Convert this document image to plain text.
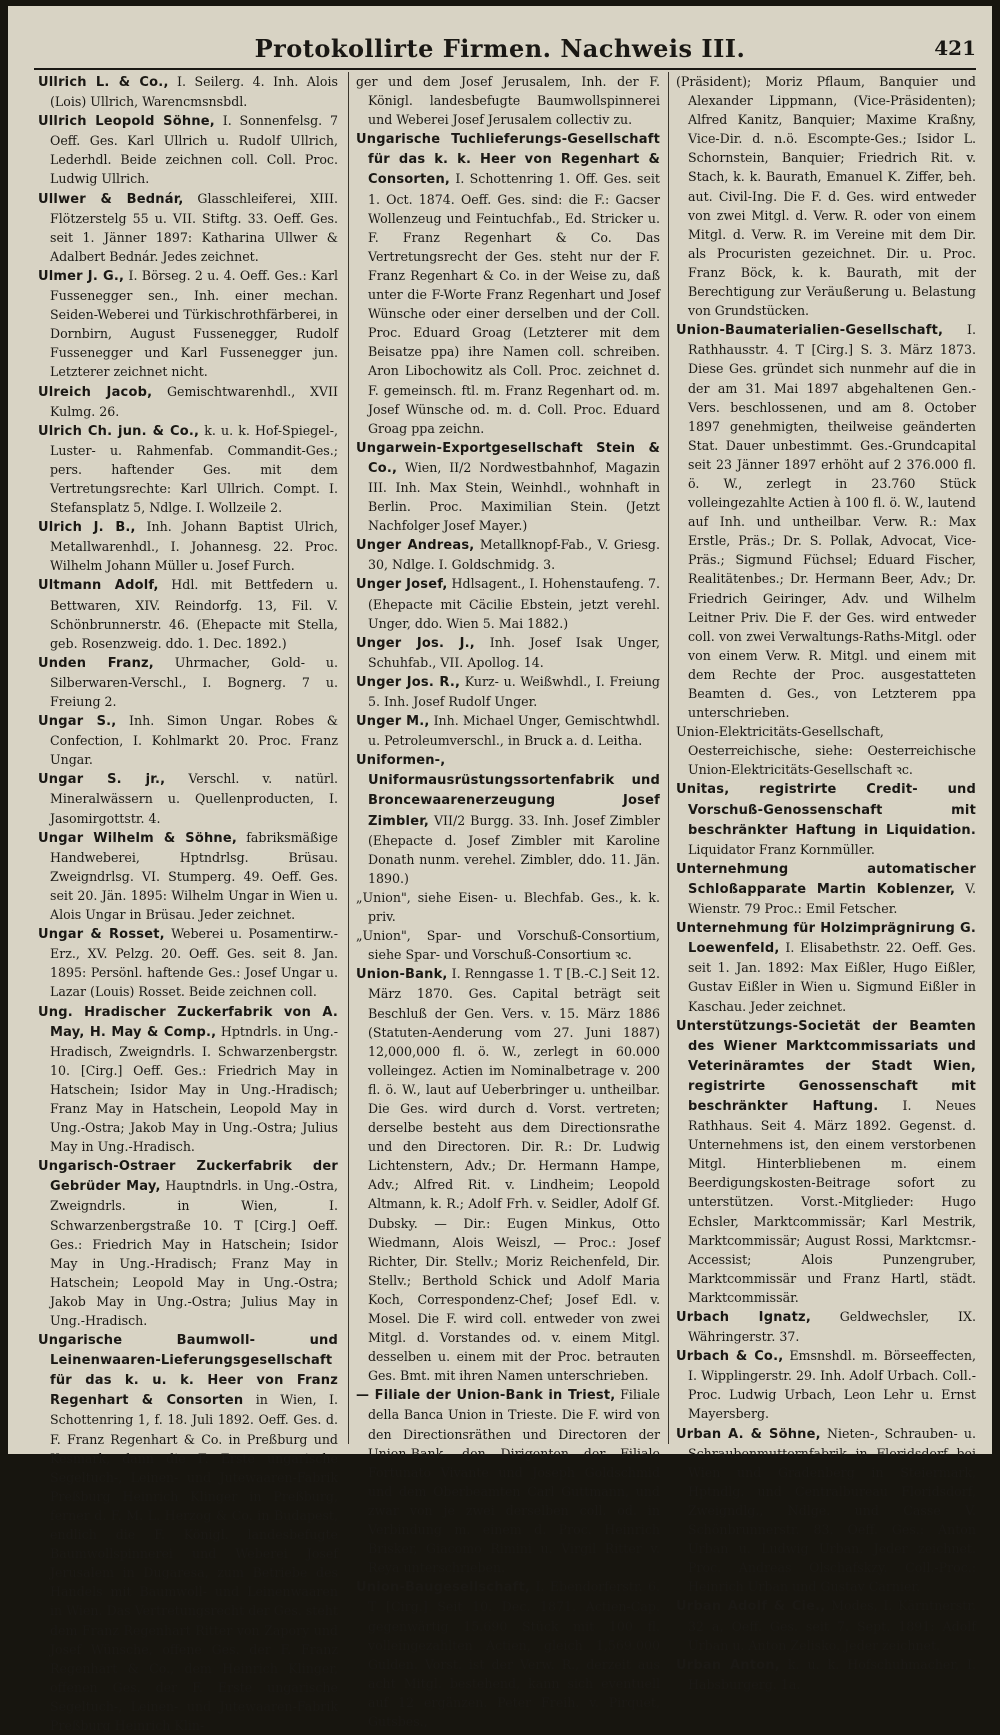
Protokollirte Firmen. Nachweis III.	421

Ullrich L. & Co., I. Seilerg. 4. Inh. Alois (Lois) Ullrich, Warencmsnsbdl.

Ullrich Leopold Söhne, I. Sonnenfelsg. 7 Oeff. Ges. Karl Ullrich u. Rudolf Ullrich, Lederhdl. Beide zeichnen coll. Coll. Proc. Ludwig Ullrich.

Ullwer & Bednár, Glasschleiferei, XIII. Flötzerstelg 55 u. VII. Stiftg. 33. Oeff. Ges. seit 1. Jänner 1897: Katharina Ullwer & Adalbert Bednár. Jedes zeichnet.

Ulmer J. G., I. Börseg. 2 u. 4. Oeff. Ges.: Karl Fussenegger sen., Inh. einer mechan. Seiden-Weberei und Türkischrothfärberei, in Dornbirn, August Fussenegger, Rudolf Fussenegger und Karl Fussenegger jun. Letzterer zeichnet nicht.

Ulreich Jacob, Gemischtwarenhdl., XVII Kulmg. 26.

Ulrich Ch. jun. & Co., k. u. k. Hof-Spiegel-, Luster- u. Rahmenfab. Commandit-Ges.; pers. haftender Ges. mit dem Vertretungsrechte: Karl Ullrich. Compt. I. Stefansplatz 5, Ndlge. I. Wollzeile 2.

Ulrich J. B., Inh. Johann Baptist Ulrich, Metallwarenhdl., I. Johannesg. 22. Proc. Wilhelm Johann Müller u. Josef Furch.

Ultmann Adolf, Hdl. mit Bettfedern u. Bettwaren, XIV. Reindorfg. 13, Fil. V. Schönbrunnerstr. 46. (Ehepacte mit Stella, geb. Rosenzweig. ddo. 1. Dec. 1892.)

Unden Franz, Uhrmacher, Gold- u. Silberwaren-Verschl., I. Bognerg. 7 u. Freiung 2.

Ungar S., Inh. Simon Ungar. Robes & Confection, I. Kohlmarkt 20. Proc. Franz Ungar.

Ungar S. jr., Verschl. v. natürl. Mineralwässern u. Quellenproducten, I. Jasomirgottstr. 4.

Ungar Wilhelm & Söhne, fabriksmäßige Handweberei, Hptndrlsg. Brüsau. Zweigndrlsg. VI. Stumperg. 49. Oeff. Ges. seit 20. Jän. 1895: Wilhelm Ungar in Wien u. Alois Ungar in Brüsau. Jeder zeichnet.

Ungar & Rosset, Weberei u. Posamentirw.-Erz., XV. Pelzg. 20. Oeff. Ges. seit 8. Jan. 1895: Persönl. haftende Ges.: Josef Ungar u. Lazar (Louis) Rosset. Beide zeichnen coll.

Ung. Hradischer Zuckerfabrik von A. May, H. May & Comp., Hptndrls. in Ung.-Hradisch, Zweigndrls. I. Schwarzenbergstr. 10. [Cirg.] Oeff. Ges.: Friedrich May in Hatschein; Isidor May in Ung.-Hradisch; Franz May in Hatschein, Leopold May in Ung.-Ostra; Jakob May in Ung.-Ostra; Julius May in Ung.-Hradisch.

Ungarisch-Ostraer Zuckerfabrik der Gebrüder May, Hauptndrls. in Ung.-Ostra, Zweigndrls. in Wien, I. Schwarzenbergstraße 10. T [Cirg.] Oeff. Ges.: Friedrich May in Hatschein; Isidor May in Ung.-Hradisch; Franz May in Hatschein; Leopold May in Ung.-Ostra; Jakob May in Ung.-Ostra; Julius May in Ung.-Hradisch.

Ungarische Baumwoll- und Leinenwaaren-Lieferungsgesellschaft für das k. u. k. Heer von Franz Regenhart & Consorten in Wien, I. Schottenring 1, f. 18. Juli 1892. Oeff. Ges. d. F. Franz Regenhart & Co. in Preßburg und Kesmark, dann die F. Erste ungarische Segeltuch-, Leinen- und Jutewaaren-Fabrik Preßburg Heinrich Klinger in Preßburg, ferner d. F. M. L. Herzog & Co. in Budapest, endlich die F. Königl. landesbefugte Baumwollspinnerei und Weberei Josef Jerusalem in Dugaresa, zum Betriebe des Handels mit Baumwoll- und Leinenwaaren in Wien. Das Vertretungsrecht der Ges. steht dem Franz Regenhart Ritter von Zapory und Josef Wünsche, offene Ges. der F. Franz Regenhart & Co., dem Heinrich Klinger, offenen Ges. der F. Erste ungarische Segeltuch-, Leinen- und Jutewaaren-Fabrik Preßburg Heinrich Klin-

ger und dem Josef Jerusalem, Inh. der F. Königl. landesbefugte Baumwollspinnerei und Weberei Josef Jerusalem collectiv zu.

Ungarische Tuchlieferungs-Gesellschaft für das k. k. Heer von Regenhart & Consorten, I. Schottenring 1. Off. Ges. seit 1. Oct. 1874. Oeff. Ges. sind: die F.: Gacser Wollenzeug und Feintuchfab., Ed. Stricker u. F. Franz Regenhart & Co. Das Vertretungsrecht der Ges. steht nur der F. Franz Regenhart & Co. in der Weise zu, daß unter die F-Worte Franz Regenhart und Josef Wünsche oder einer derselben und der Coll. Proc. Eduard Groag (Letzterer mit dem Beisatze ppa) ihre Namen coll. schreiben. Aron Libochowitz als Coll. Proc. zeichnet d. F. gemeinsch. ftl. m. Franz Regenhart od. m. Josef Wünsche od. m. d. Coll. Proc. Eduard Groag ppa zeichn.

Ungarwein-Exportgesellschaft Stein & Co., Wien, II/2 Nordwestbahnhof, Magazin III. Inh. Max Stein, Weinhdl., wohnhaft in Berlin. Proc. Maximilian Stein. (Jetzt Nachfolger Josef Mayer.)

Unger Andreas, Metallknopf-Fab., V. Griesg. 30, Ndlge. I. Goldschmidg. 3.

Unger Josef, Hdlsagent., I. Hohenstaufeng. 7. (Ehepacte mit Cäcilie Ebstein, jetzt verehl. Unger, ddo. Wien 5. Mai 1882.)

Unger Jos. J., Inh. Josef Isak Unger, Schuhfab., VII. Apollog. 14.

Unger Jos. R., Kurz- u. Weißwhdl., I. Freiung 5. Inh. Josef Rudolf Unger.

Unger M., Inh. Michael Unger, Gemischtwhdl. u. Petroleumverschl., in Bruck a. d. Leitha.

Uniformen-, Uniformausrüstungssortenfabrik und Broncewaarenerzeugung Josef Zimbler, VII/2 Burgg. 33. Inh. Josef Zimbler (Ehepacte d. Josef Zimbler mit Karoline Donath nunm. verehel. Zimbler, ddo. 11. Jän. 1890.)

„Union", siehe Eisen- u. Blechfab. Ges., k. k. priv.

„Union", Spar- und Vorschuß-Consortium, siehe Spar- und Vorschuß-Consortium ꝛc.

Union-Bank, I. Renngasse 1. T [B.-C.] Seit 12. März 1870. Ges. Capital beträgt seit Beschluß der Gen. Vers. v. 15. März 1886 (Statuten-Aenderung vom 27. Juni 1887) 12,000,000 fl. ö. W., zerlegt in 60.000 volleingez. Actien im Nominalbetrage v. 200 fl. ö. W., laut auf Ueberbringer u. untheilbar. Die Ges. wird durch d. Vorst. vertreten; derselbe besteht aus dem Directionsrathe und den Directoren. Dir. R.: Dr. Ludwig Lichtenstern, Adv.; Dr. Hermann Hampe, Adv.; Alfred Rit. v. Lindheim; Leopold Altmann, k. R.; Adolf Frh. v. Seidler, Adolf Gf. Dubsky. — Dir.: Eugen Minkus, Otto Wiedmann, Alois Weiszl, — Proc.: Josef Richter, Dir. Stellv.; Moriz Reichenfeld, Dir. Stellv.; Berthold Schick und Adolf Maria Koch, Correspondenz-Chef; Josef Edl. v. Mosel. Die F. wird coll. entweder von zwei Mitgl. d. Vorstandes od. v. einem Mitgl. desselben u. einem mit der Proc. betrauten Ges. Bmt. mit ihren Namen unterschrieben.

— Filiale der Union-Bank in Triest, Filiale della Banca Union in Trieste. Die F. wird von den Directionsräthen und Directoren der Union-Bank, den Dirigenten der Filiale Fortunato Vivante und Joseph Goldschmid und dem Oberbeamten Carl Guttmann, und zwar von je zwei derselben coll. od. in Verbindung m. einem d. Proc. Heinrich Brisker, Giacomo Rimini u. Virgil Ritter v. Reya unterschrieben.

Union-Baugesellschaft, I. Ebendorferstr. 6. T [Cirg.] Seit 10. Dec. 1871. Actien-Cap. gegenwärtig 15.690 Stück mit 100 fl. volleingezahlten Actien, gleich 1,569.000 Gulden. Vorst. ist der Verw. R., derzeit aus acht Mitgl. bestehend, kann sich eventuell auf 12 ergänzen. Peter Freih. v. Pirquet, Gutsbes.,

(Präsident); Moriz Pflaum, Banquier und Alexander Lippmann, (Vice-Präsidenten); Alfred Kanitz, Banquier; Maxime Kraßny, Vice-Dir. d. n.ö. Escompte-Ges.; Isidor L. Schornstein, Banquier; Friedrich Rit. v. Stach, k. k. Baurath, Emanuel K. Ziffer, beh. aut. Civil-Ing. Die F. d. Ges. wird entweder von zwei Mitgl. d. Verw. R. oder von einem Mitgl. d. Verw. R. im Vereine mit dem Dir. als Procuristen gezeichnet. Dir. u. Proc. Franz Böck, k. k. Baurath, mit der Berechtigung zur Veräußerung u. Belastung von Grundstücken.

Union-Baumaterialien-Gesellschaft, I. Rathhausstr. 4. T [Cirg.] S. 3. März 1873. Diese Ges. gründet sich nunmehr auf die in der am 31. Mai 1897 abgehaltenen Gen.-Vers. beschlossenen, und am 8. October 1897 genehmigten, theilweise geänderten Stat. Dauer unbestimmt. Ges.-Grundcapital seit 23 Jänner 1897 erhöht auf 2 376.000 fl. ö. W., zerlegt in 23.760 Stück volleingezahlte Actien à 100 fl. ö. W., lautend auf Inh. und untheilbar. Verw. R.: Max Erstle, Präs.; Dr. S. Pollak, Advocat, Vice-Präs.; Sigmund Füchsel; Eduard Fischer, Realitätenbes.; Dr. Hermann Beer, Adv.; Dr. Friedrich Geiringer, Adv. und Wilhelm Leitner Priv. Die F. der Ges. wird entweder coll. von zwei Verwaltungs-Raths-Mitgl. oder von einem Verw. R. Mitgl. und einem mit dem Rechte der Proc. ausgestatteten Beamten d. Ges., von Letzterem ppa unterschrieben.

Union-Elektricitäts-Gesellschaft, Oesterreichische, siehe: Oesterreichische Union-Elektricitäts-Gesellschaft ꝛc.

Unitas, registrirte Credit- und Vorschuß-Genossenschaft mit beschränkter Haftung in Liquidation. Liquidator Franz Kornmüller.

Unternehmung automatischer Schloßapparate Martin Koblenzer, V. Wienstr. 79 Proc.: Emil Fetscher.

Unternehmung für Holzimprägnirung G. Loewenfeld, I. Elisabethstr. 22. Oeff. Ges. seit 1. Jan. 1892: Max Eißler, Hugo Eißler, Gustav Eißler in Wien u. Sigmund Eißler in Kaschau. Jeder zeichnet.

Unterstützungs-Societät der Beamten des Wiener Marktcommissariats und Veterinäramtes der Stadt Wien, registrirte Genossenschaft mit beschränkter Haftung. I. Neues Rathhaus. Seit 4. März 1892. Gegenst. d. Unternehmens ist, den einem verstorbenen Mitgl. Hinterbliebenen m. einem Beerdigungskosten-Beitrage sofort zu unterstützen. Vorst.-Mitglieder: Hugo Echsler, Marktcommissär; Karl Mestrik, Marktcommissär; August Rossi, Marktcmsr.-Accessist; Alois Punzengruber, Marktcommissär und Franz Hartl, städt. Marktcommissär.

Urbach Ignatz, Geldwechsler, IX. Währingerstr. 37.

Urbach & Co., Emsnshdl. m. Börseeffecten, I. Wipplingerstr. 29. Inh. Adolf Urbach. Coll.-Proc. Ludwig Urbach, Leon Lehr u. Ernst Mayersberg.

Urban A. & Söhne, Nieten-, Schrauben- u. Schraubenmutternfabrik in Floridsdorf bei Wien und Gradenberg in Steiermark, Hptndlg. und Centralbureau Floridsdorf, Zweigndlg., Ndlge. und Casse V. Schönbrunnerstr. 83. Oeff. Ges.: Anton Urban u. Ludwig Urban. Jeder zeichnet. Proc. Andreas Olschafskzy. Coll.-Proc.: Heinrich Urban und Gustav Carnier.

Urban Adolf & Cie., Modes, I. Kärntnerstr. 32 a, Oeff. Ges. seit 7. Sept. 1891: Adolf Urban u. Anton Zelisko. Jeder zeichnet.

Urban Anton, k. u. k. Hofschuhmacher, I. Habsburgerg. 1a.
